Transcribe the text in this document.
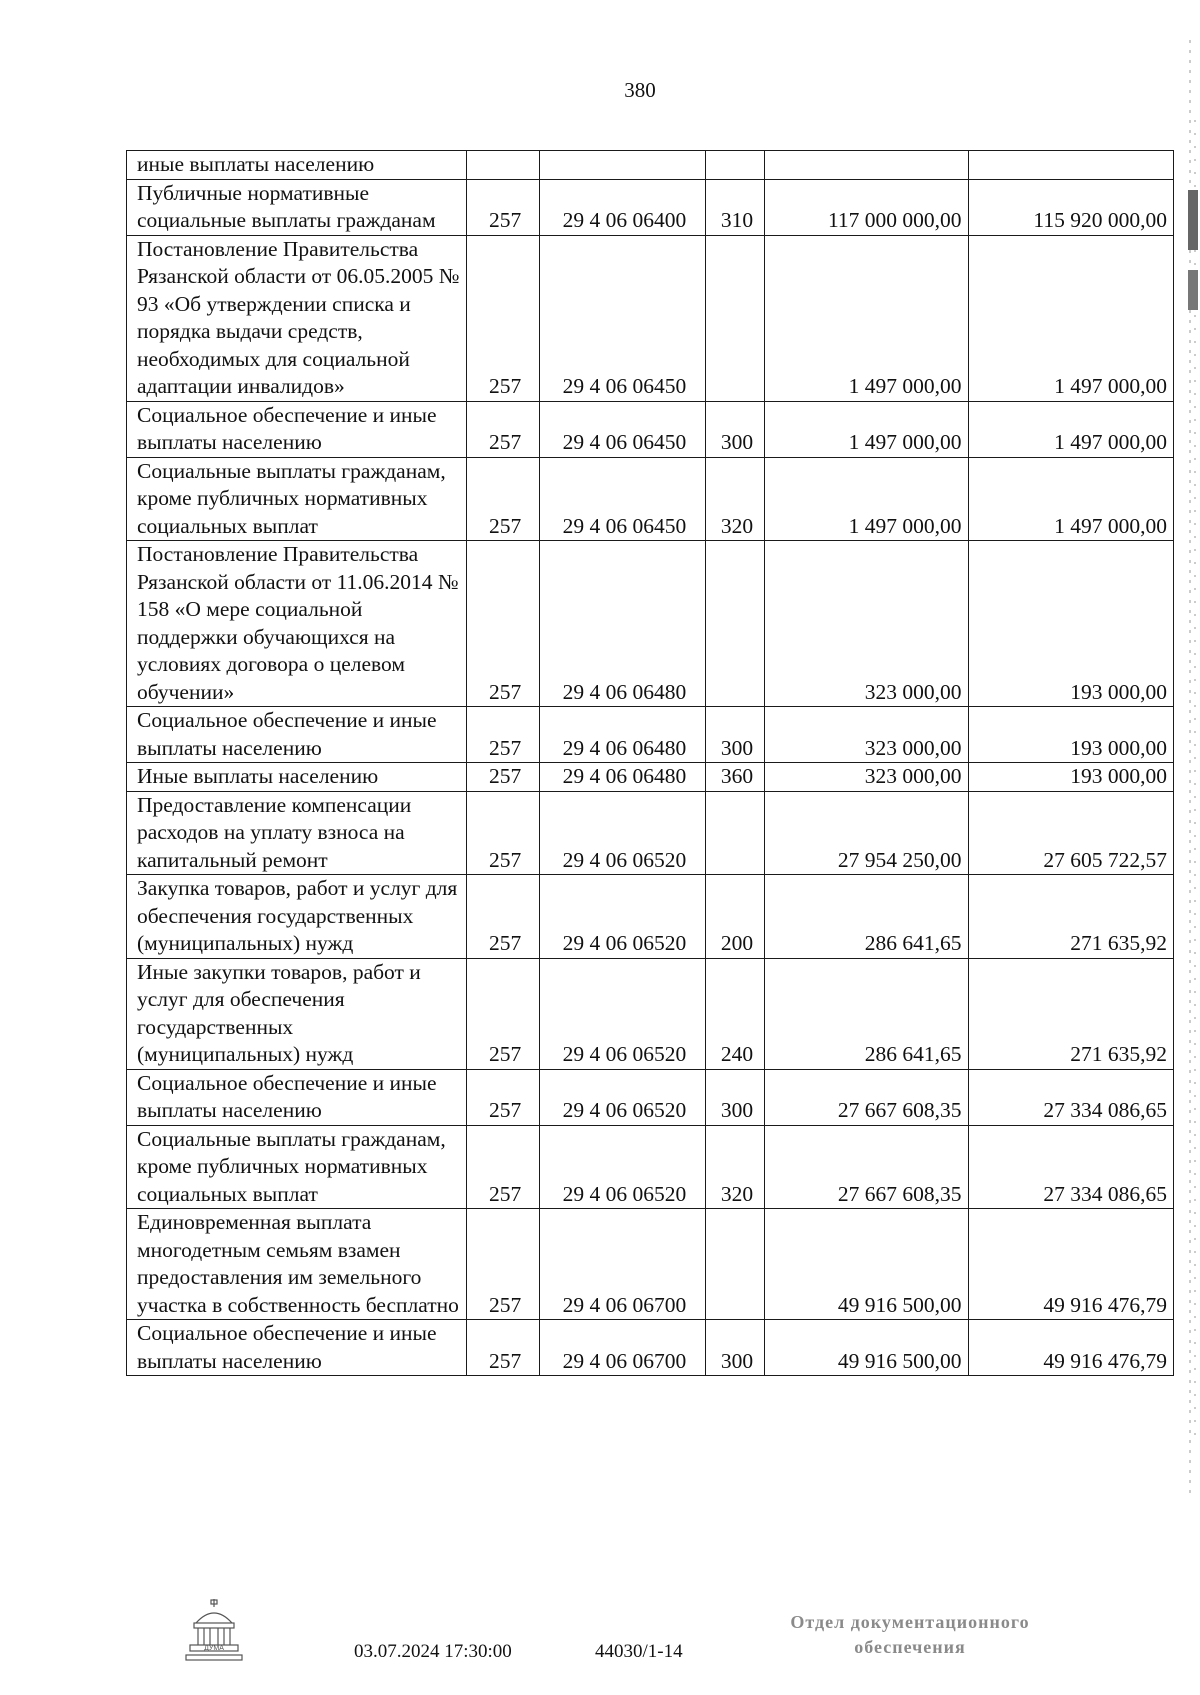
380
иные выплаты населению					
Публичные нормативные социальные выплаты гражданам	257	29 4 06 06400	310	117 000 000,00	115 920 000,00
Постановление Правительства Рязанской области от 06.05.2005 № 93 «Об утверждении списка и порядка выдачи средств, необходимых для социальной адаптации инвалидов»	257	29 4 06 06450		1 497 000,00	1 497 000,00
Социальное обеспечение и иные выплаты населению	257	29 4 06 06450	300	1 497 000,00	1 497 000,00
Социальные выплаты гражданам, кроме публичных нормативных социальных выплат	257	29 4 06 06450	320	1 497 000,00	1 497 000,00
Постановление Правительства Рязанской области от 11.06.2014 № 158 «О мере социальной поддержки обучающихся на условиях договора о целевом обучении»	257	29 4 06 06480		323 000,00	193 000,00
Социальное обеспечение и иные выплаты населению	257	29 4 06 06480	300	323 000,00	193 000,00
Иные выплаты населению	257	29 4 06 06480	360	323 000,00	193 000,00
Предоставление компенсации расходов на уплату взноса на капитальный ремонт	257	29 4 06 06520		27 954 250,00	27 605 722,57
Закупка товаров, работ и услуг для обеспечения государственных (муниципальных) нужд	257	29 4 06 06520	200	286 641,65	271 635,92
Иные закупки товаров, работ и услуг для обеспечения государственных (муниципальных) нужд	257	29 4 06 06520	240	286 641,65	271 635,92
Социальное обеспечение и иные выплаты населению	257	29 4 06 06520	300	27 667 608,35	27 334 086,65
Социальные выплаты гражданам, кроме публичных нормативных социальных выплат	257	29 4 06 06520	320	27 667 608,35	27 334 086,65
Единовременная выплата многодетным семьям взамен предоставления им земельного участка в собственность бесплатно	257	29 4 06 06700		49 916 500,00	49 916 476,79
Социальное обеспечение и иные выплаты населению	257	29 4 06 06700	300	49 916 500,00	49 916 476,79
ДУМА	03.07.2024 17:30:00	44030/1-14
Отдел документационного
обеспечения
